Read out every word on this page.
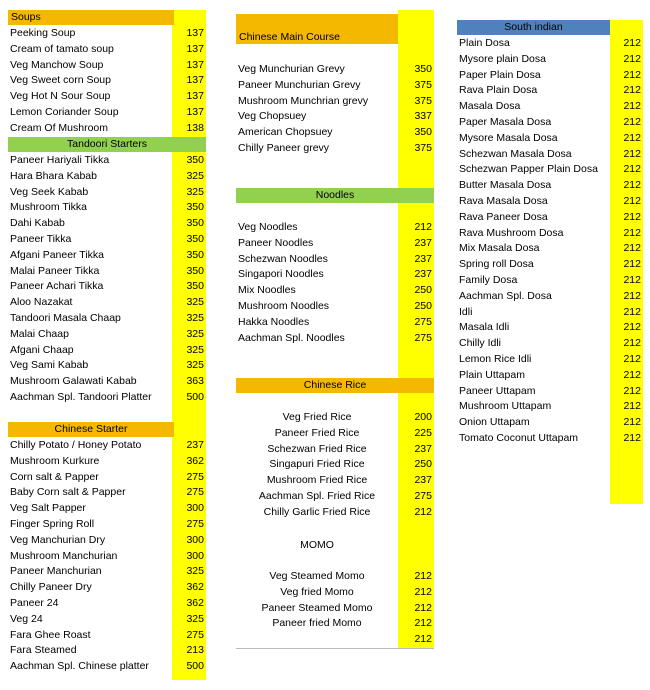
Soups
Peeking Soup	137
Cream of tamato soup	137
Veg Manchow Soup	137
Veg Sweet corn Soup	137
Veg Hot N Sour Soup	137
Lemon Coriander Soup	137
Cream Of Mushroom	138
Tandoori Starters
Paneer Hariyali Tikka	350
Hara Bhara Kabab	325
Veg Seek Kabab	325
Mushroom Tikka	350
Dahi Kabab	350
Paneer Tikka	350
Afgani Paneer Tikka	350
Malai Paneer Tikka	350
Paneer Achari Tikka	350
Aloo Nazakat	325
Tandoori Masala Chaap	325
Malai Chaap	325
Afgani Chaap	325
Veg Sami Kabab	325
Mushroom Galawati Kabab	363
Aachman Spl. Tandoori Platter	500
Chinese Starter
Chilly Potato / Honey Potato	237
Mushroom Kurkure	362
Corn salt & Papper	275
Baby Corn salt & Papper	275
Veg Salt Papper	300
Finger Spring Roll	275
Veg Manchurian Dry	300
Mushroom Manchurian	300
Paneer Manchurian	325
Chilly Paneer Dry	362
Paneer 24	362
Veg 24	325
Fara Ghee Roast	275
Fara Steamed	213
Aachman Spl. Chinese platter	500
Chinese Main Course
Veg Munchurian Grevy	350
Paneer Munchurian Grevy	375
Mushroom Munchrian grevy	375
Veg Chopsuey	337
American Chopsuey	350
Chilly Paneer grevy	375
Noodles
Veg Noodles	212
Paneer Noodles	237
Schezwan Noodles	237
Singapori Noodles	237
Mix Noodles	250
Mushroom Noodles	250
Hakka Noodles	275
Aachman Spl. Noodles	275
Chinese Rice
Veg Fried Rice	200
Paneer Fried Rice	225
Schezwan Fried Rice	237
Singapuri Fried Rice	250
Mushroom Fried Rice	237
Aachman Spl. Fried Rice	275
Chilly Garlic Fried Rice	212
MOMO
Veg Steamed Momo	212
Veg fried Momo	212
Paneer Steamed Momo	212
Paneer fried Momo	212
212
South indian
Plain Dosa	212
Mysore plain Dosa	212
Paper Plain Dosa	212
Rava Plain Dosa	212
Masala Dosa	212
Paper Masala Dosa	212
Mysore Masala Dosa	212
Schezwan Masala Dosa	212
Schezwan Papper Plain Dosa 212
Butter Masala Dosa	212
Rava Masala Dosa	212
Rava Paneer Dosa	212
Rava Mushroom Dosa	212
Mix Masala Dosa	212
Spring roll Dosa	212
Family Dosa	212
Aachman Spl. Dosa	212
Idli	212
Masala Idli	212
Chilly Idli	212
Lemon Rice Idli	212
Plain Uttapam	212
Paneer Uttapam	212
Mushroom Uttapam	212
Onion Uttapam	212
Tomato Coconut Uttapam	212
